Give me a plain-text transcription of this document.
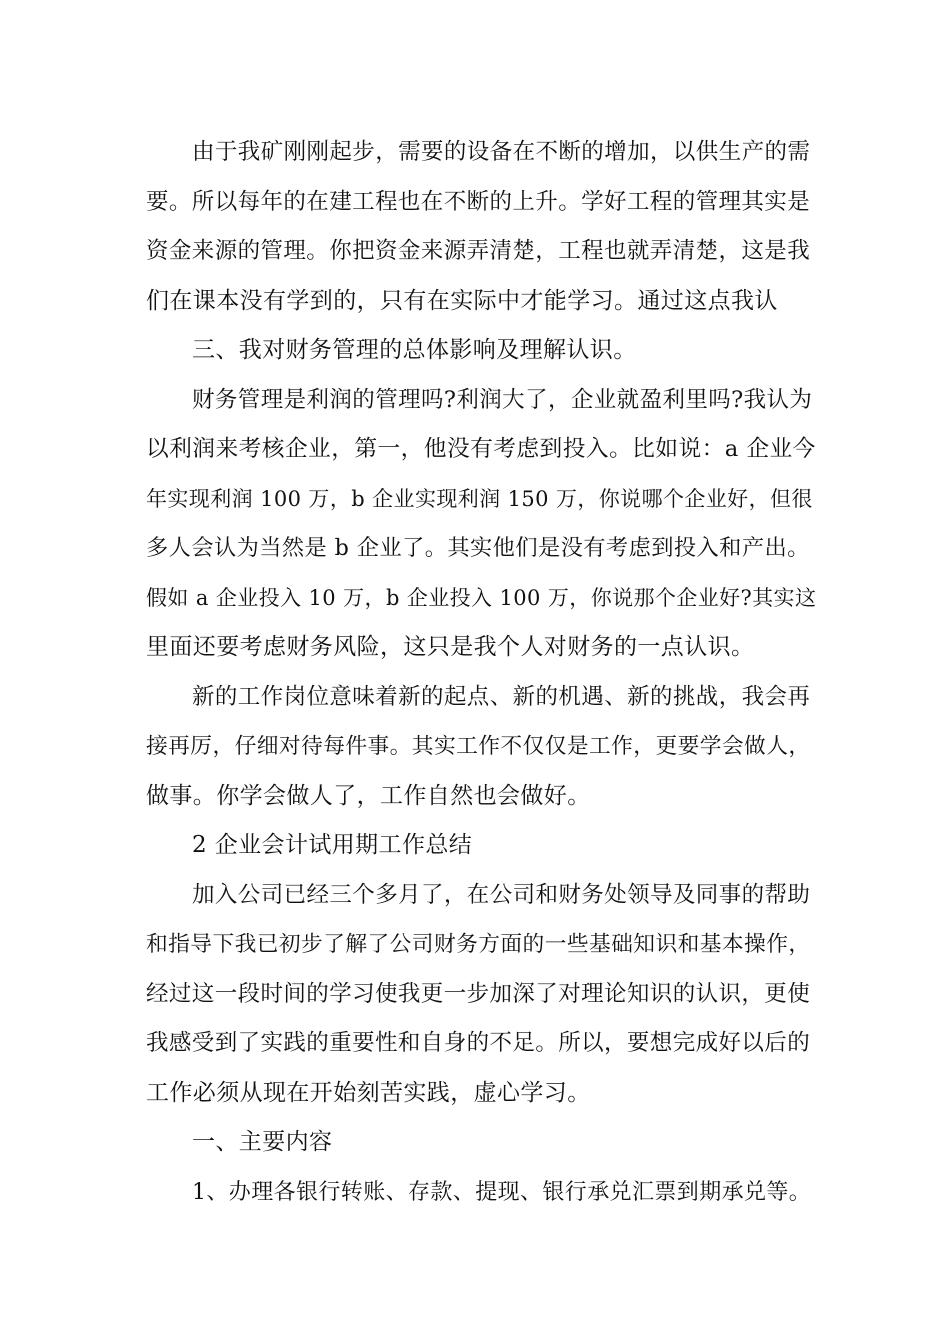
由于我矿刚刚起步，需要的设备在不断的增加，以供生产的需
要。所以每年的在建工程也在不断的上升。学好工程的管理其实是
资金来源的管理。你把资金来源弄清楚，工程也就弄清楚，这是我
们在课本没有学到的，只有在实际中才能学习。通过这点我认

三、我对财务管理的总体影响及理解认识。

财务管理是利润的管理吗?利润大了，企业就盈利里吗?我认为
以利润来考核企业，第一，他没有考虑到投入。比如说：a 企业今
年实现利润 100 万，b 企业实现利润 150 万，你说哪个企业好，但很
多人会认为当然是 b 企业了。其实他们是没有考虑到投入和产出。
假如 a 企业投入 10 万，b 企业投入 100 万，你说那个企业好?其实这
里面还要考虑财务风险，这只是我个人对财务的一点认识。

新的工作岗位意味着新的起点、新的机遇、新的挑战，我会再
接再厉，仔细对待每件事。其实工作不仅仅是工作，更要学会做人，
做事。你学会做人了，工作自然也会做好。

2 企业会计试用期工作总结

加入公司已经三个多月了，在公司和财务处领导及同事的帮助
和指导下我已初步了解了公司财务方面的一些基础知识和基本操作，
经过这一段时间的学习使我更一步加深了对理论知识的认识，更使
我感受到了实践的重要性和自身的不足。所以，要想完成好以后的
工作必须从现在开始刻苦实践，虚心学习。

一、主要内容

1、办理各银行转账、存款、提现、银行承兑汇票到期承兑等。
